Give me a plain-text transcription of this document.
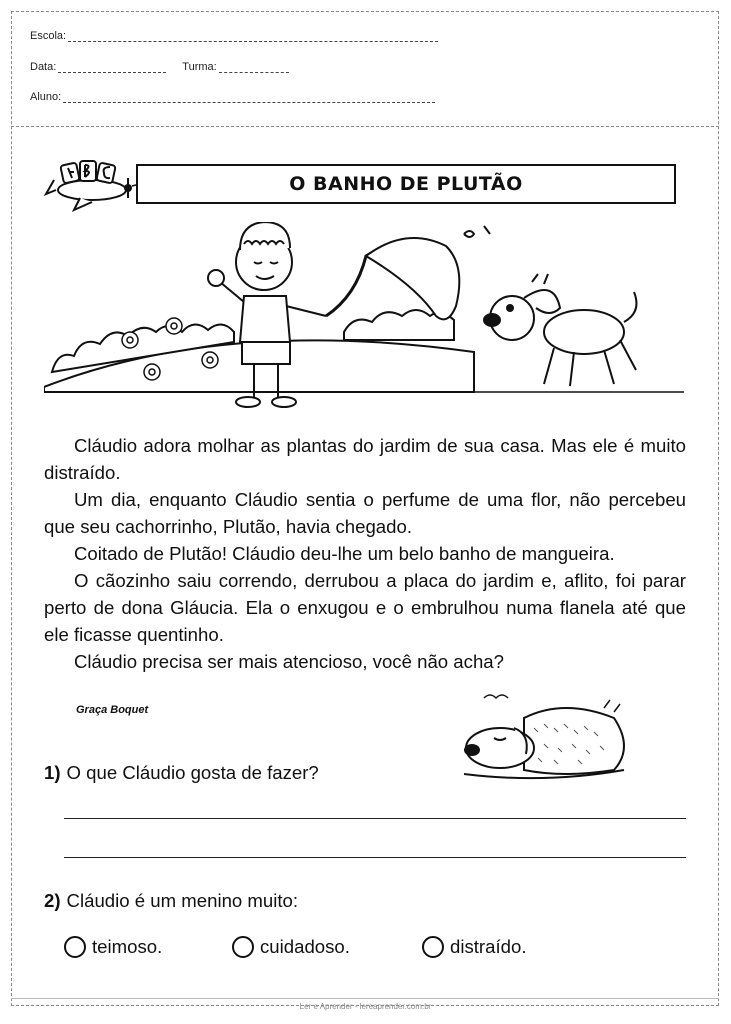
Escola:
Data:	Turma:
Aluno:
O BANHO DE PLUTÃO

Cláudio adora molhar as plantas do jardim de sua casa. Mas ele é muito distraído.

Um dia, enquanto Cláudio sentia o perfume de uma flor, não percebeu que seu cachorrinho, Plutão, havia chegado.

Coitado de Plutão! Cláudio deu-lhe um belo banho de mangueira.

O cãozinho saiu correndo, derrubou a placa do jardim e, aflito, foi parar perto de dona Gláucia. Ela o enxugou e o embrulhou numa flanela até que ele ficasse quentinho.

Cláudio precisa ser mais atencioso, você não acha?

Graça Boquet
1) O que Cláudio gosta de fazer?
2) Cláudio é um menino muito:
teimoso.	cuidadoso.	distraído.
Ler e Aprender - lereaprender.com.br
